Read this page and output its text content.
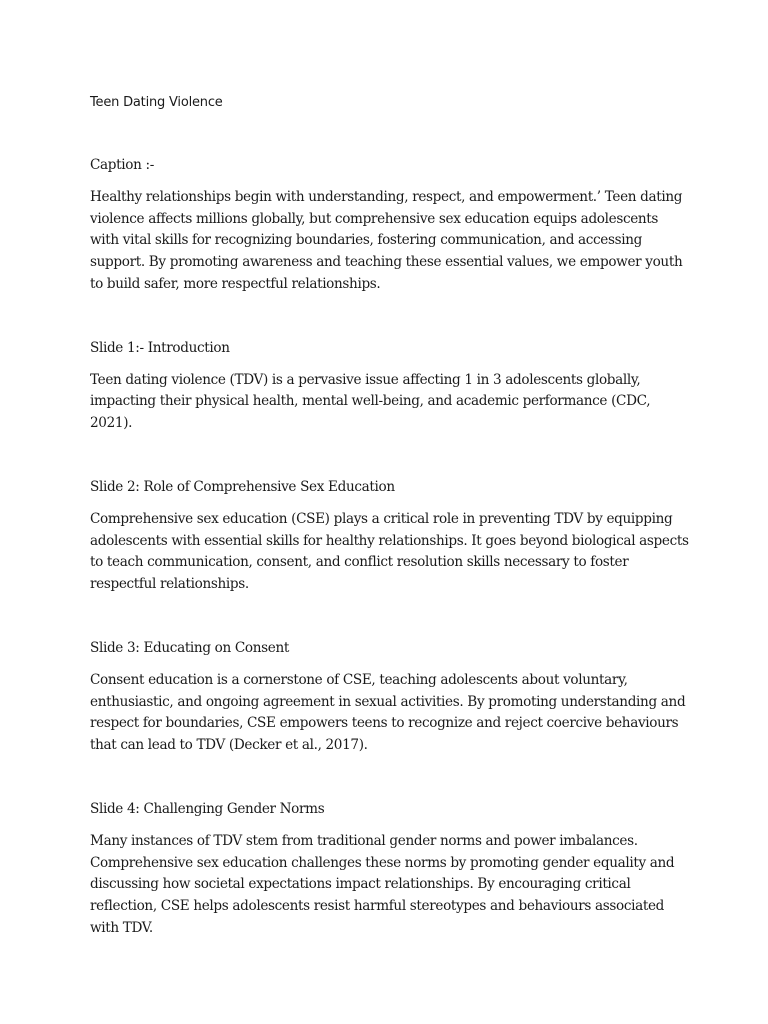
Teen Dating Violence

Caption :-

Healthy relationships begin with understanding, respect, and empowerment.’ Teen dating violence affects millions globally, but comprehensive sex education equips adolescents with vital skills for recognizing boundaries, fostering communication, and accessing support. By promoting awareness and teaching these essential values, we empower youth to build safer, more respectful relationships.

Slide 1:- Introduction

Teen dating violence (TDV) is a pervasive issue affecting 1 in 3 adolescents globally, impacting their physical health, mental well-being, and academic performance (CDC, 2021).

Slide 2: Role of Comprehensive Sex Education

Comprehensive sex education (CSE) plays a critical role in preventing TDV by equipping adolescents with essential skills for healthy relationships. It goes beyond biological aspects to teach communication, consent, and conflict resolution skills necessary to foster respectful relationships.

Slide 3: Educating on Consent

Consent education is a cornerstone of CSE, teaching adolescents about voluntary, enthusiastic, and ongoing agreement in sexual activities. By promoting understanding and respect for boundaries, CSE empowers teens to recognize and reject coercive behaviours that can lead to TDV (Decker et al., 2017).

Slide 4: Challenging Gender Norms

Many instances of TDV stem from traditional gender norms and power imbalances. Comprehensive sex education challenges these norms by promoting gender equality and discussing how societal expectations impact relationships. By encouraging critical reflection, CSE helps adolescents resist harmful stereotypes and behaviours associated with TDV.
